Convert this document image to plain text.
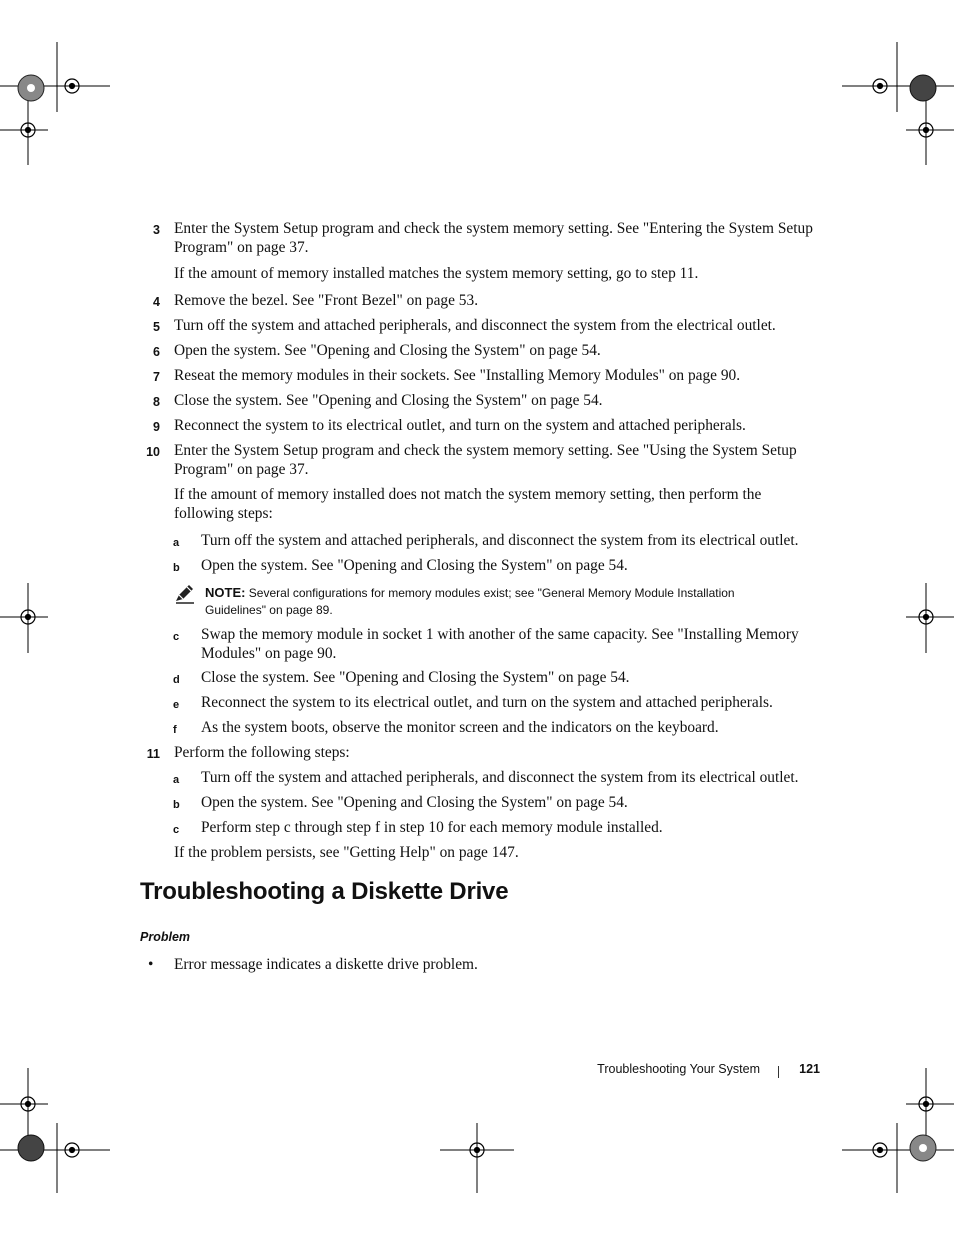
3 Enter the System Setup program and check the system memory setting. See "Entering the System Setup Program" on page 37.
If the amount of memory installed matches the system memory setting, go to step 11.
4 Remove the bezel. See "Front Bezel" on page 53.
5 Turn off the system and attached peripherals, and disconnect the system from the electrical outlet.
6 Open the system. See "Opening and Closing the System" on page 54.
7 Reseat the memory modules in their sockets. See "Installing Memory Modules" on page 90.
8 Close the system. See "Opening and Closing the System" on page 54.
9 Reconnect the system to its electrical outlet, and turn on the system and attached peripherals.
10 Enter the System Setup program and check the system memory setting. See "Using the System Setup Program" on page 37.
If the amount of memory installed does not match the system memory setting, then perform the following steps:
a	Turn off the system and attached peripherals, and disconnect the system from its electrical outlet.
b	Open the system. See "Opening and Closing the System" on page 54.
NOTE: Several configurations for memory modules exist; see "General Memory Module Installation Guidelines" on page 89.
c	Swap the memory module in socket 1 with another of the same capacity. See "Installing Memory Modules" on page 90.
d	Close the system. See "Opening and Closing the System" on page 54.
e	Reconnect the system to its electrical outlet, and turn on the system and attached peripherals.
f	As the system boots, observe the monitor screen and the indicators on the keyboard.
11 Perform the following steps:
a	Turn off the system and attached peripherals, and disconnect the system from its electrical outlet.
b	Open the system. See "Opening and Closing the System" on page 54.
c	Perform step c through step f in step 10 for each memory module installed.
If the problem persists, see "Getting Help" on page 147.
Troubleshooting a Diskette Drive
Problem
• Error message indicates a diskette drive problem.
Troubleshooting Your System	121
